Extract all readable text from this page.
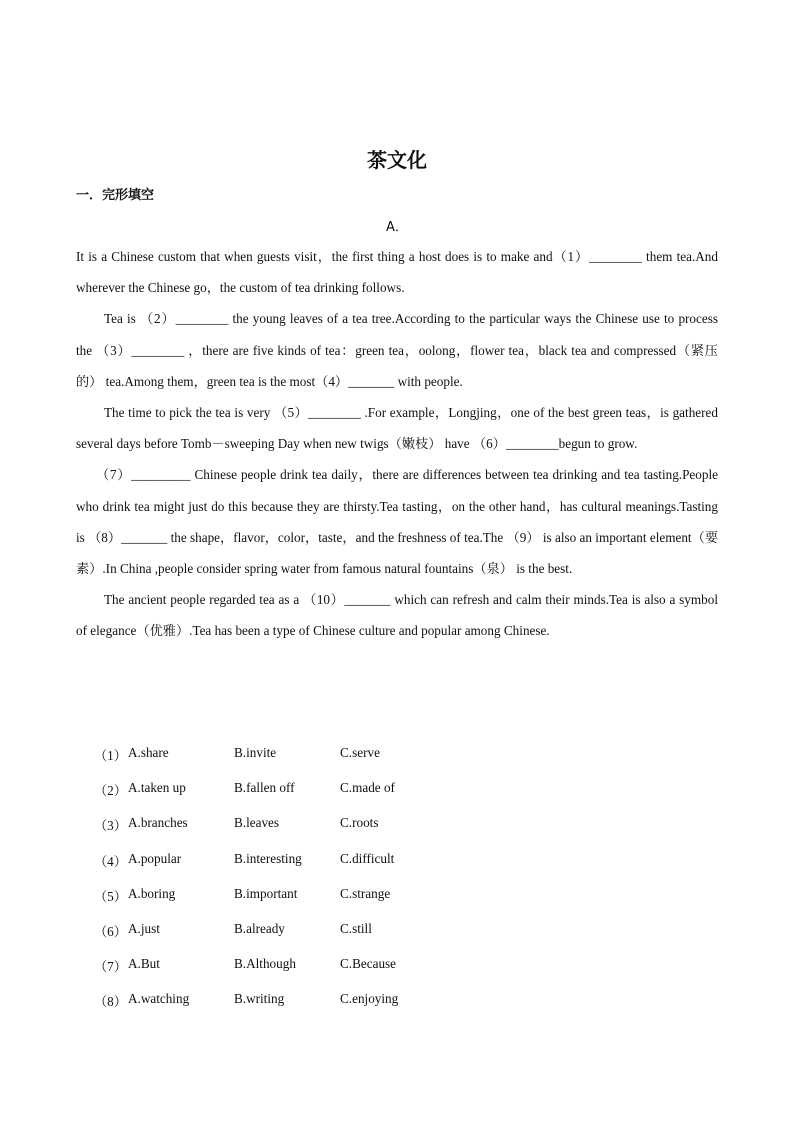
茶文化
一．完形填空
A．

It is a Chinese custom that when guests visit，the first thing a host does is to make and（1）________ them tea.And wherever the Chinese go，the custom of tea drinking follows.

Tea is （2）________ the young leaves of a tea tree.According to the particular ways the Chinese use to process the （3）________ ，there are five kinds of tea：green tea，oolong，flower tea，black tea and compressed（紧压的） tea.Among them，green tea is the most（4）_______ with people.

The time to pick the tea is very （5）________ .For example，Longjing，one of the best green teas，is gathered several days before Tomb－sweeping Day when new twigs（嫩枝） have （6）________begun to grow.

（7）_________ Chinese people drink tea daily，there are differences between tea drinking and tea tasting.People who drink tea might just do this because they are thirsty.Tea tasting，on the other hand，has cultural meanings.Tasting is （8）_______ the shape，flavor，color，taste，and the freshness of tea.The （9） is also an important element（要素）.In China ,people consider spring water from famous natural fountains（泉） is the best.

The ancient people regarded tea as a （10）_______ which can refresh and calm their minds.Tea is also a symbol of elegance（优雅）.Tea has been a type of Chinese culture and popular among Chinese.

（1） A.share	B.invite	C.serve
（2） A.taken up	B.fallen off	C.made of
（3） A.branches	B.leaves	C.roots
（4） A.popular	B.interesting	C.difficult
（5） A.boring	B.important	C.strange
（6） A.just	B.already	C.still
（7） A.But	B.Although	C.Because
（8） A.watching	B.writing	C.enjoying
